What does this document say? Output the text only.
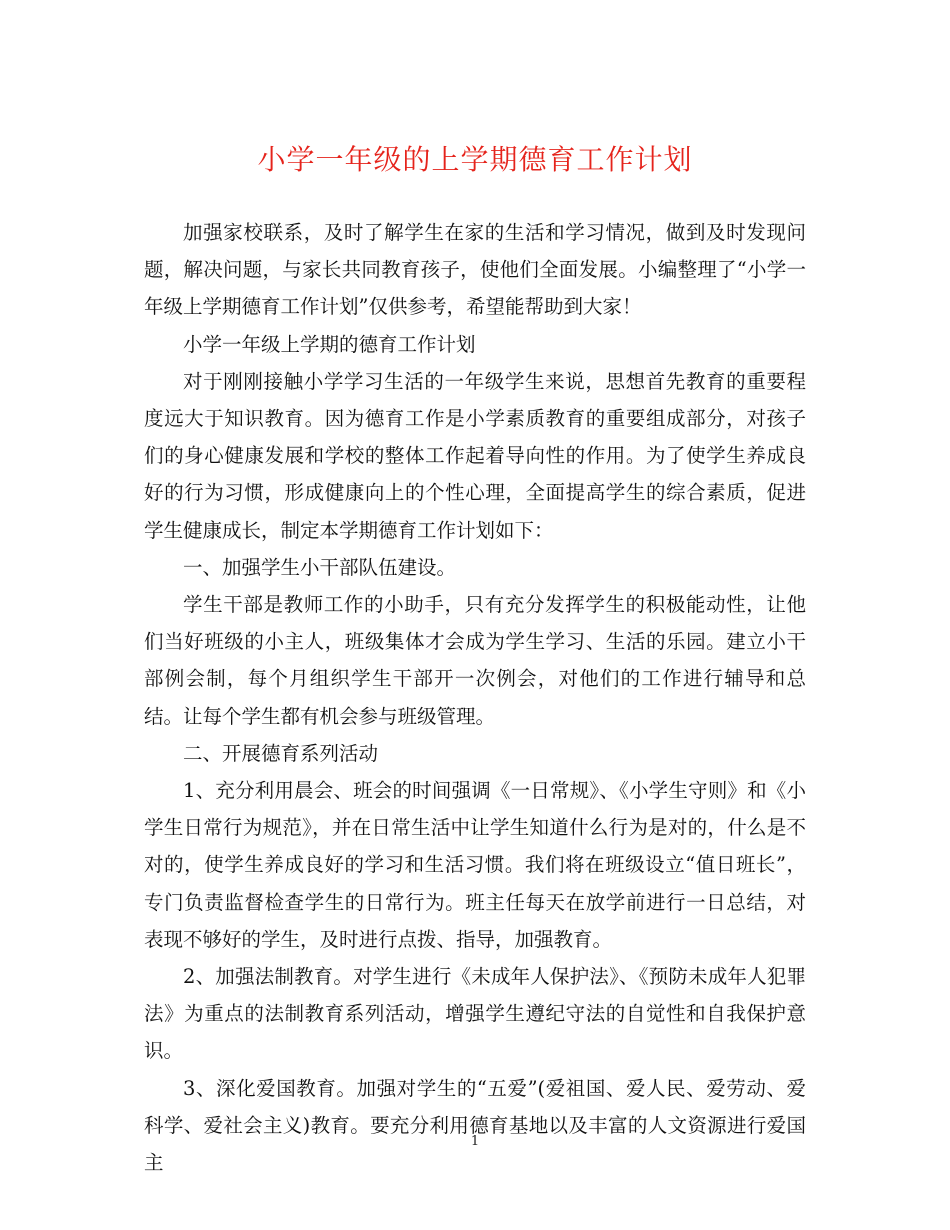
小学一年级的上学期德育工作计划

加强家校联系，及时了解学生在家的生活和学习情况，做到及时发现问题，解决问题，与家长共同教育孩子，使他们全面发展。小编整理了“小学一年级上学期德育工作计划”仅供参考，希望能帮助到大家！

小学一年级上学期的德育工作计划

对于刚刚接触小学学习生活的一年级学生来说，思想首先教育的重要程度远大于知识教育。因为德育工作是小学素质教育的重要组成部分，对孩子们的身心健康发展和学校的整体工作起着导向性的作用。为了使学生养成良好的行为习惯，形成健康向上的个性心理，全面提高学生的综合素质，促进学生健康成长，制定本学期德育工作计划如下：

一、加强学生小干部队伍建设。

学生干部是教师工作的小助手，只有充分发挥学生的积极能动性，让他们当好班级的小主人，班级集体才会成为学生学习、生活的乐园。建立小干部例会制，每个月组织学生干部开一次例会，对他们的工作进行辅导和总结。让每个学生都有机会参与班级管理。

二、开展德育系列活动

1、充分利用晨会、班会的时间强调《一日常规》、《小学生守则》和《小学生日常行为规范》，并在日常生活中让学生知道什么行为是对的，什么是不对的，使学生养成良好的学习和生活习惯。我们将在班级设立“值日班长”，专门负责监督检查学生的日常行为。班主任每天在放学前进行一日总结，对表现不够好的学生，及时进行点拨、指导，加强教育。

2、加强法制教育。对学生进行《未成年人保护法》、《预防未成年人犯罪法》为重点的法制教育系列活动，增强学生遵纪守法的自觉性和自我保护意识。

3、深化爱国教育。加强对学生的“五爱”(爱祖国、爱人民、爱劳动、爱科学、爱社会主义)教育。要充分利用德育基地以及丰富的人文资源进行爱国主

1
